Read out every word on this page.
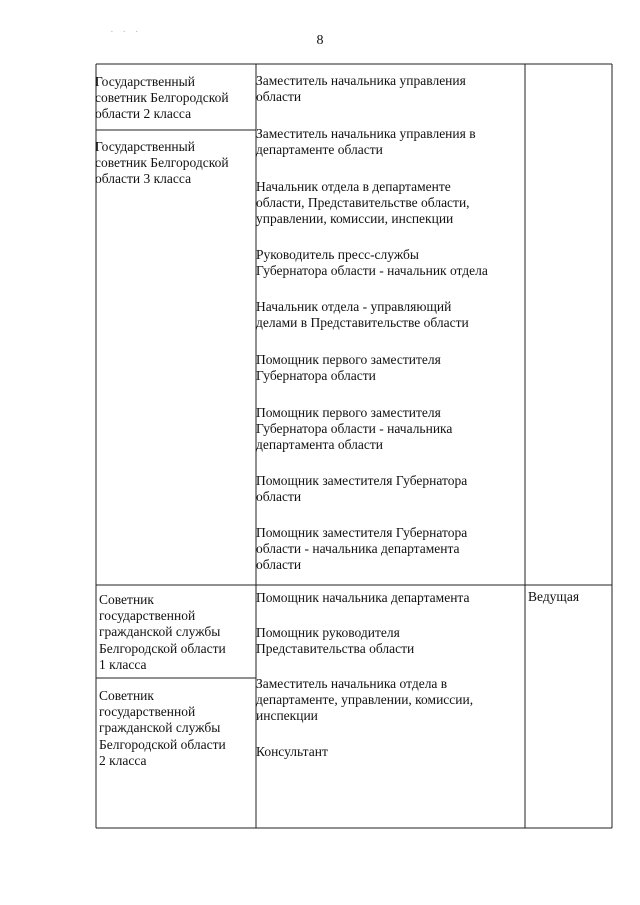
· · ·
8
Государственный
советник Белгородской
области 2 класса
Государственный
советник Белгородской
области 3 класса
Заместитель начальника управления
области
Заместитель начальника управления в
департаменте области
Начальник отдела в департаменте
области, Представительстве области,
управлении, комиссии, инспекции
Руководитель пресс-службы
Губернатора области - начальник отдела
Начальник отдела - управляющий
делами в Представительстве области
Помощник первого заместителя
Губернатора области
Помощник первого заместителя
Губернатора области - начальника
департамента области
Помощник заместителя Губернатора
области
Помощник заместителя Губернатора
области - начальника департамента
области
Советник
государственной
гражданской службы
Белгородской области
1 класса
Советник
государственной
гражданской службы
Белгородской области
2 класса
Помощник начальника департамента
Помощник руководителя
Представительства области
Заместитель начальника отдела в
департаменте, управлении, комиссии,
инспекции
Консультант
Ведущая
